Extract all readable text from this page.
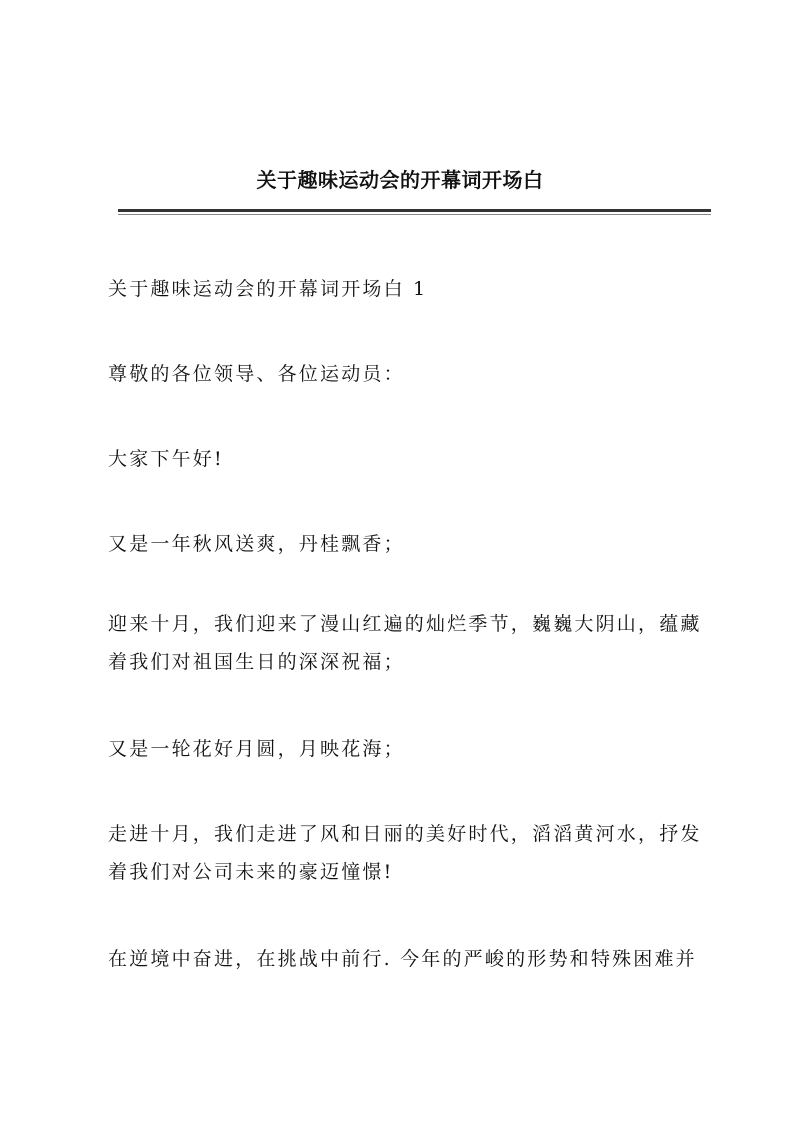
关于趣味运动会的开幕词开场白

关于趣味运动会的开幕词开场白 1

尊敬的各位领导、各位运动员：

大家下午好!

又是一年秋风送爽，丹桂飘香；

迎来十月，我们迎来了漫山红遍的灿烂季节，巍巍大阴山，蕴藏着我们对祖国生日的深深祝福；

又是一轮花好月圆，月映花海；

走进十月，我们走进了风和日丽的美好时代，滔滔黄河水，抒发着我们对公司未来的豪迈憧憬!

在逆境中奋进，在挑战中前行. 今年的严峻的形势和特殊困难并
